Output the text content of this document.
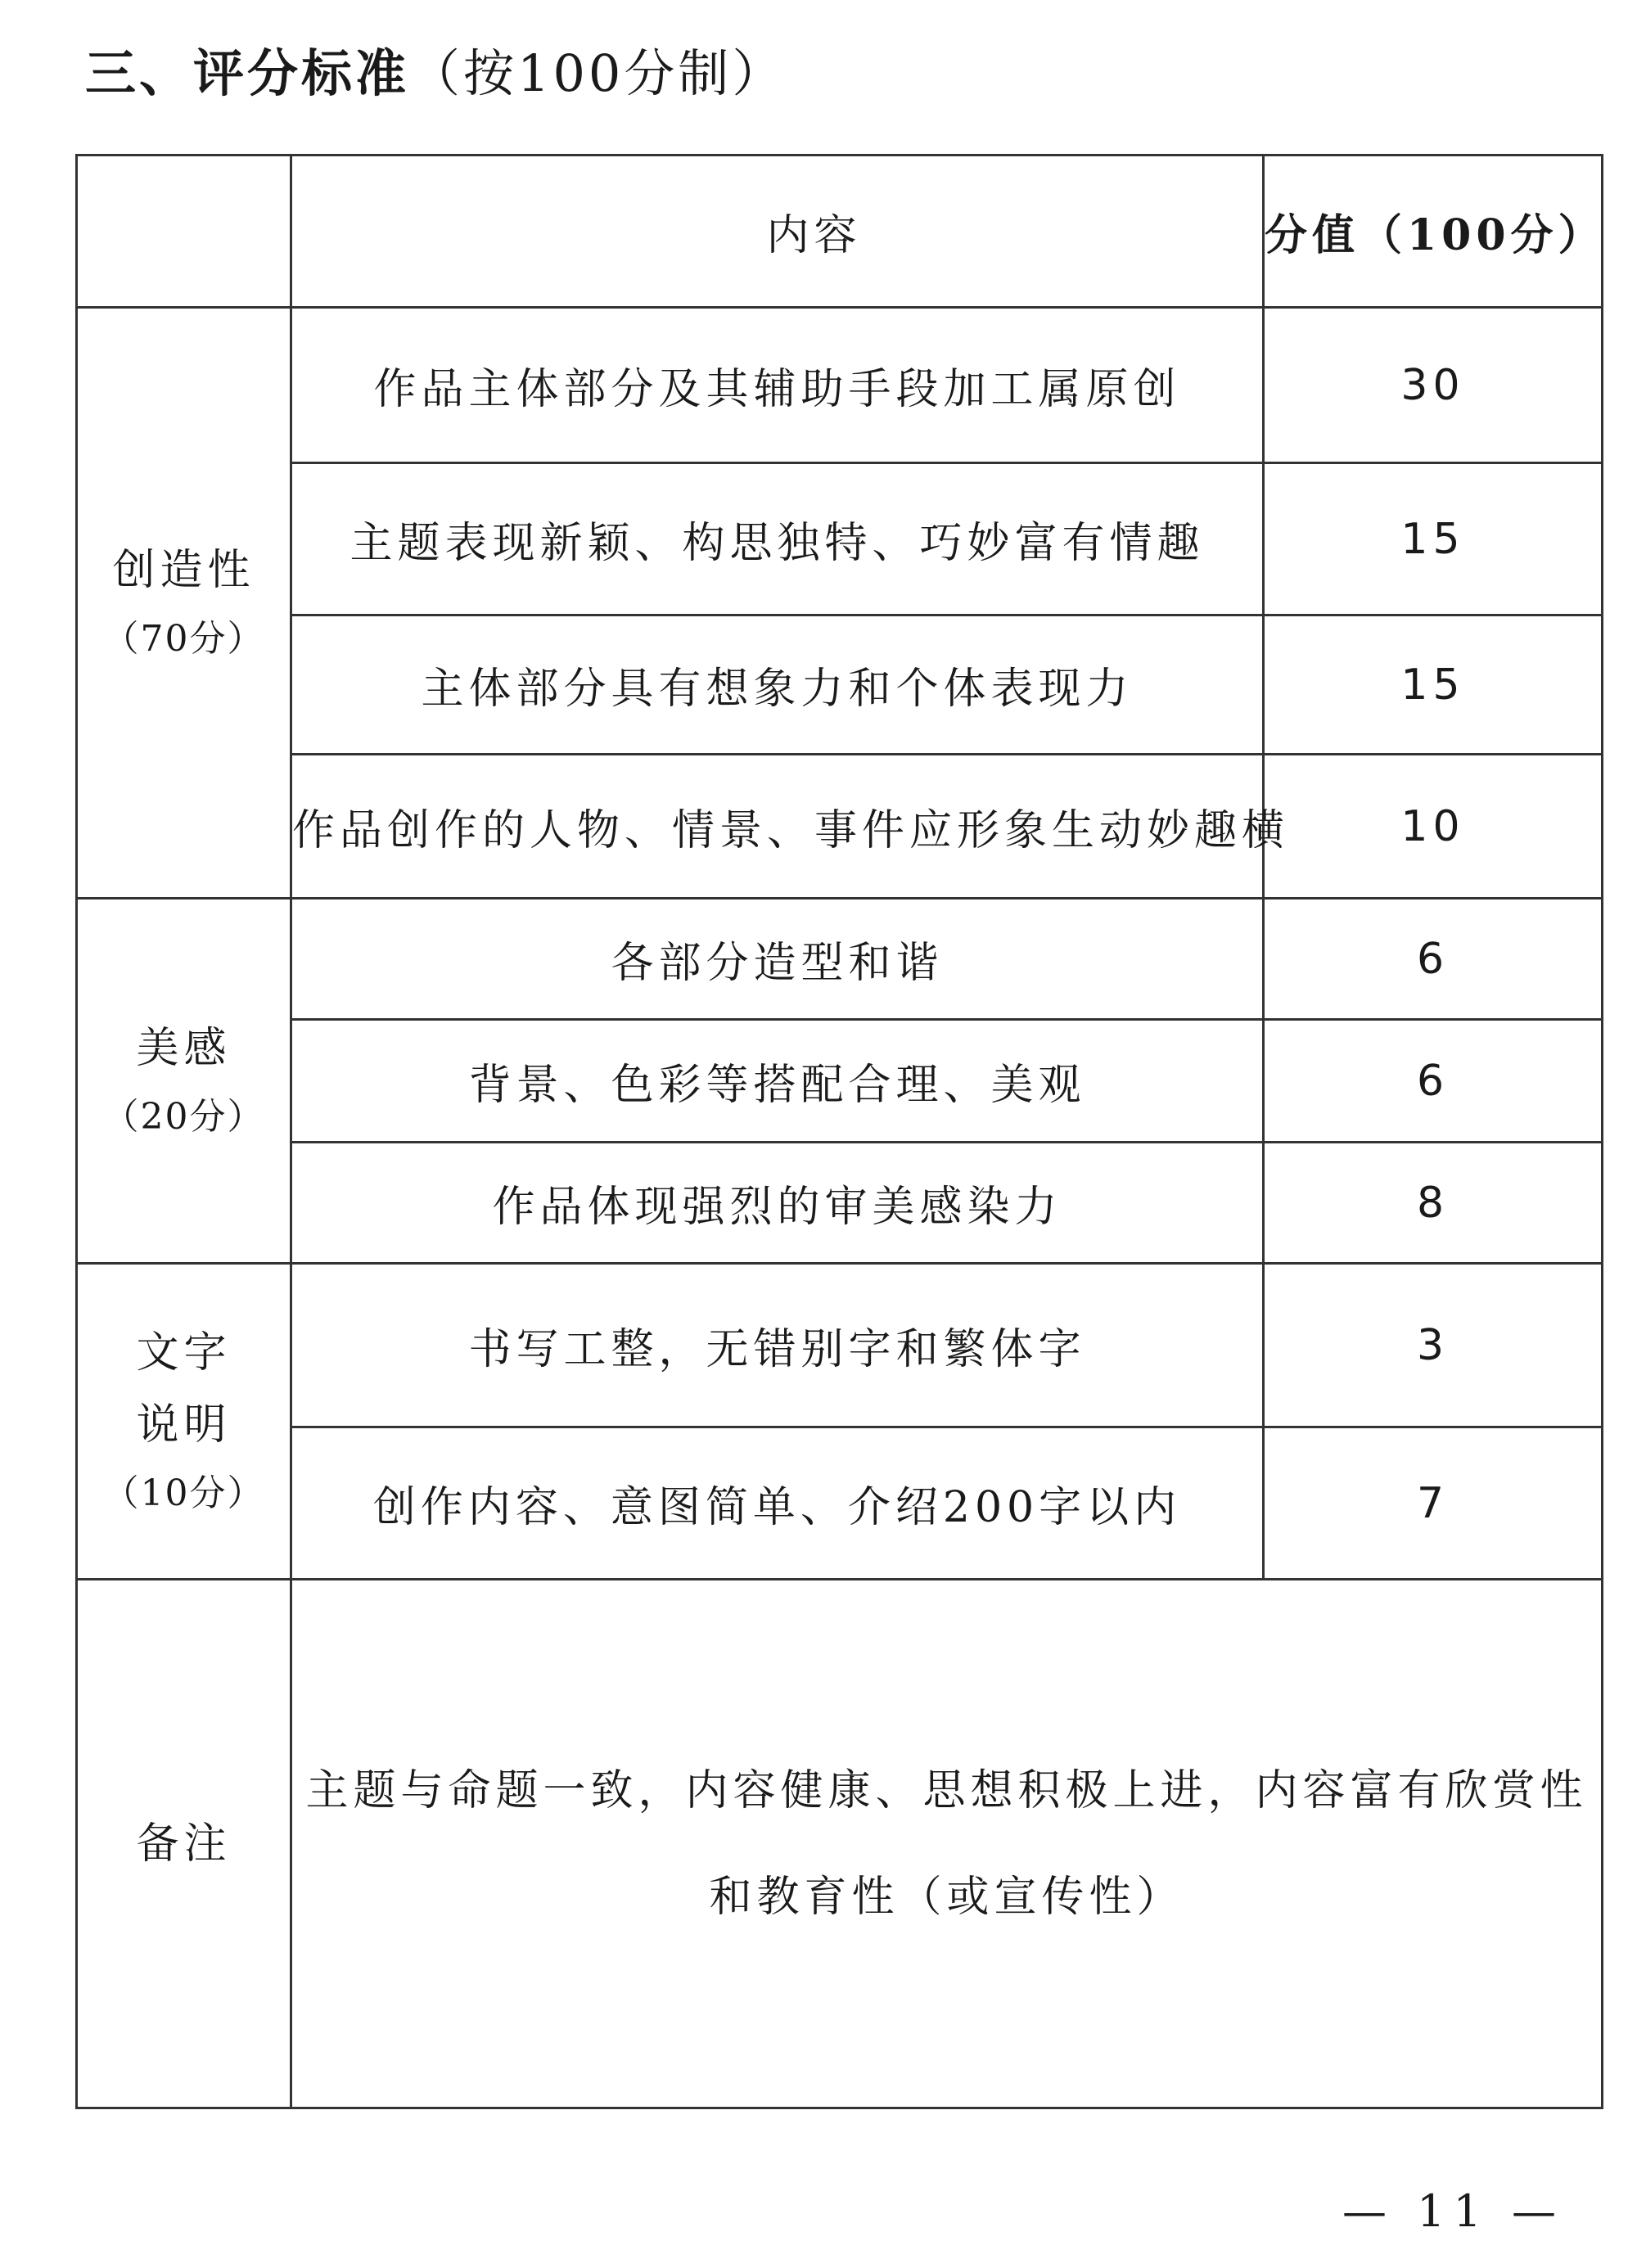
三、评分标准（按100分制）
	内容	分值（100分）

创造性
（70分）	作品主体部分及其辅助手段加工属原创	30
	主题表现新颖、构思独特、巧妙富有情趣	15
	主体部分具有想象力和个体表现力	15
	作品创作的人物、情景、事件应形象生动妙趣横	10

美感
（20分）	各部分造型和谐	6
	背景、色彩等搭配合理、美观	6
	作品体现强烈的审美感染力	8

文字
说明
（10分）	书写工整，无错别字和繁体字	3
	创作内容、意图简单、介绍200字以内	7

备注	主题与命题一致，内容健康、思想积极上进，内容富有欣赏性和教育性（或宣传性）	
— 11 —
